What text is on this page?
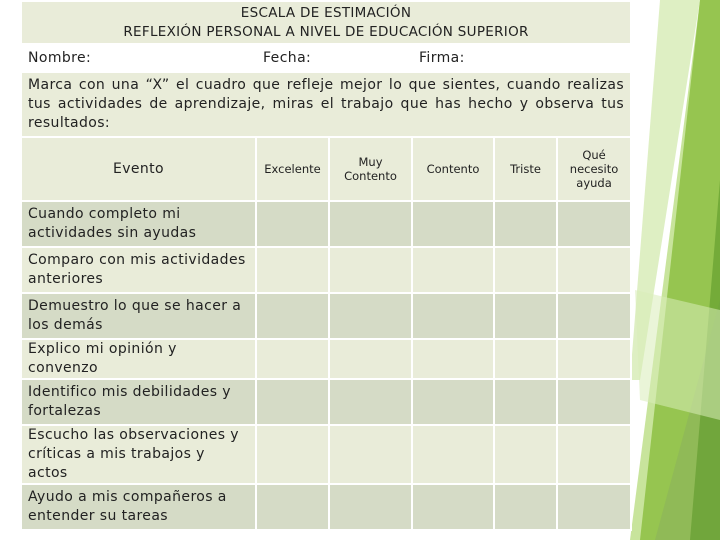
ESCALA DE ESTIMACIÓN
REFLEXIÓN PERSONAL A NIVEL DE EDUCACIÓN SUPERIOR					

Nombre:	Fecha:		Firma:		
Marca con una “X” el cuadro que refleje mejor lo que sientes, cuando realizas tus actividades de aprendizaje, miras el trabajo que has hecho y observa tus resultados:					
Evento	Excelente	Muy Contento	Contento	Triste	Qué necesito ayuda
Cuando completo mi actividades sin ayudas					
Comparo con mis actividades anteriores					
Demuestro lo que se hacer a los demás					
Explico mi opinión y convenzo					
Identifico mis debilidades y fortalezas					
Escucho las observaciones y críticas a mis trabajos y actos					
Ayudo a mis compañeros a entender su tareas					
